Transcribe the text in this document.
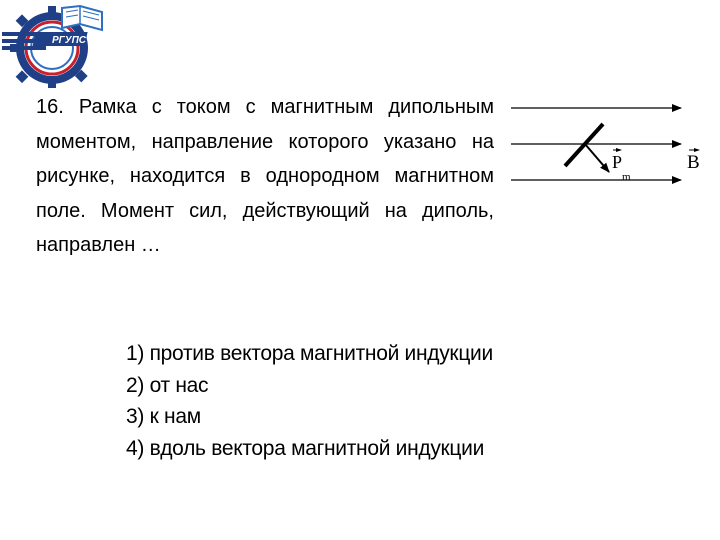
РГУПС

16. Рамка с током с магнитным дипольным моментом, направление которого указано на рисунке, находится в однородном магнитном поле. Момент сил, действующий на диполь, направлен …

P
m
B
1) против вектора магнитной индукции
2) от нас
3) к нам
4) вдоль вектора магнитной индукции
